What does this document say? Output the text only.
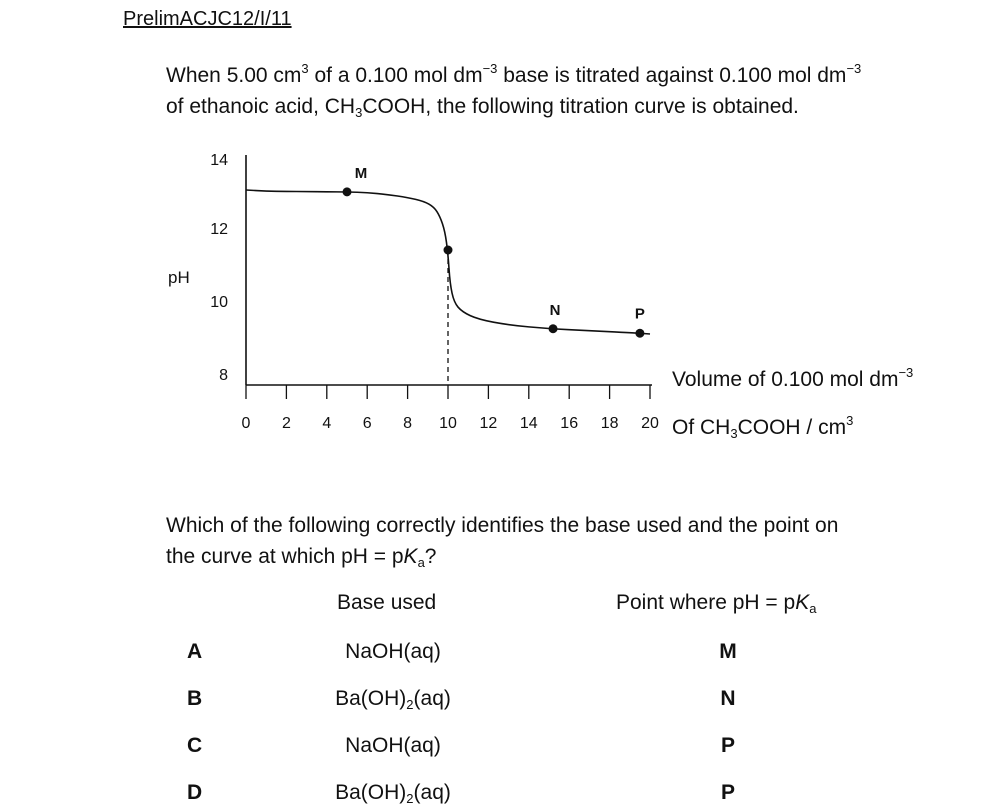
PrelimACJC12/I/11
When 5.00 $cm^3$ of a 0.100 mol $dm^{-3}$ base is titrated against 0.100 mol $dm^{-3}$
of ethanoic acid, $CH_3COOH$, the following titration curve is obtained.
0 2 4 6 8 10 12 14 16 18 20
14
12
10
8
M
N	P
pH
Volume of 0.100 mol $dm^{-3}$
Of CH3COOH / $cm^3$
Which of the following correctly identifies the base used and the point on
the curve at which pH = $pK_a$?
Base used	Point where pH = $pK_a$
A	NaOH(aq)	M
B	$Ba(OH)_2(aq)$	N
C	NaOH(aq)	P
D	$Ba(OH)_2(aq)$	P
